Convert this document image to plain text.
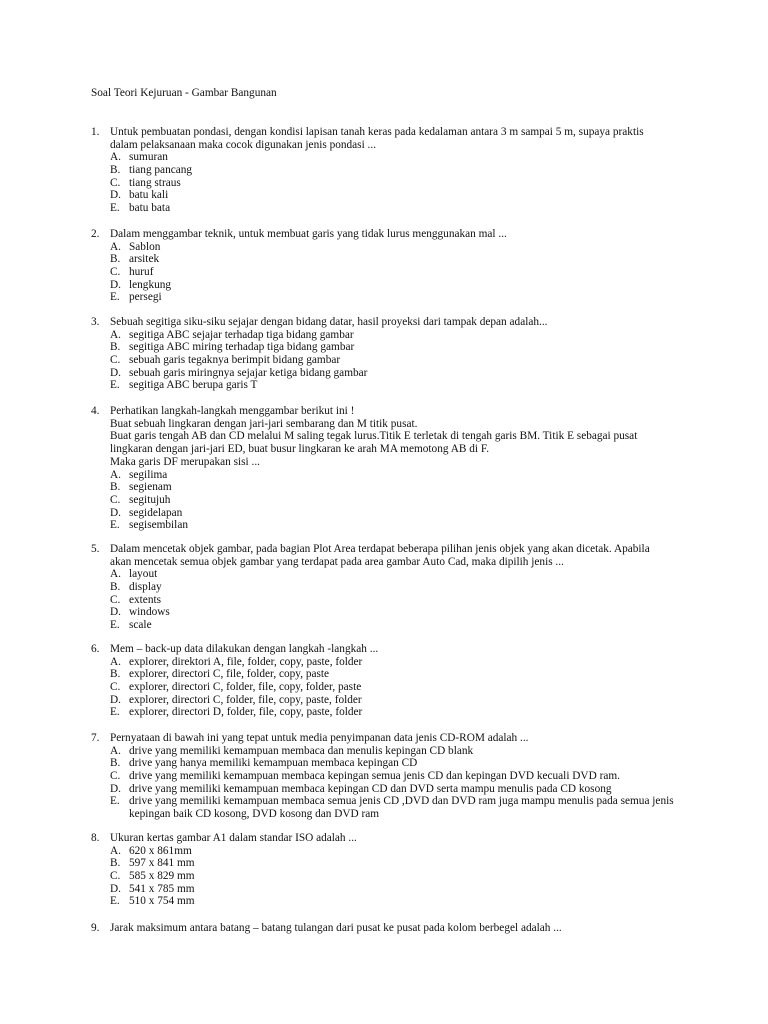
Soal Teori Kejuruan - Gambar Bangunan
1. Untuk pembuatan pondasi, dengan kondisi lapisan tanah keras pada kedalaman antara 3 m sampai 5 m, supaya praktis
dalam pelaksanaan maka cocok digunakan jenis pondasi ...
A. sumuran
B. tiang pancang
C. tiang straus
D. batu kali
E. batu bata
2. Dalam menggambar teknik, untuk membuat garis yang tidak lurus menggunakan mal ...
A. Sablon
B. arsitek
C. huruf
D. lengkung
E. persegi
3. Sebuah segitiga siku-siku sejajar dengan bidang datar, hasil proyeksi dari tampak depan adalah...
A. segitiga ABC sejajar terhadap tiga bidang gambar
B. segitiga ABC miring terhadap tiga bidang gambar
C. sebuah garis tegaknya berimpit bidang gambar
D. sebuah garis miringnya sejajar ketiga bidang gambar
E. segitiga ABC berupa garis T
4. Perhatikan langkah-langkah menggambar berikut ini !
Buat sebuah lingkaran dengan jari-jari sembarang dan M titik pusat.
Buat garis tengah AB dan CD melalui M saling tegak lurus.Titik E terletak di tengah garis BM. Titik E sebagai pusat
lingkaran dengan jari-jari ED, buat busur lingkaran ke arah MA memotong AB di F.
Maka garis DF merupakan sisi ...
A. segilima
B. segienam
C. segitujuh
D. segidelapan
E. segisembilan
5. Dalam mencetak objek gambar, pada bagian Plot Area terdapat beberapa pilihan jenis objek yang akan dicetak. Apabila
akan mencetak semua objek gambar yang terdapat pada area gambar Auto Cad, maka dipilih jenis ...
A. layout
B. display
C. extents
D. windows
E. scale
6. Mem – back-up data dilakukan dengan langkah -langkah ...
A. explorer, direktori A, file, folder, copy, paste, folder
B. explorer, directori C, file, folder, copy, paste
C. explorer, directori C, folder, file, copy, folder, paste
D. explorer, directori C, folder, file, copy, paste, folder
E. explorer, directori D, folder, file, copy, paste, folder
7. Pernyataan di bawah ini yang tepat untuk media penyimpanan data jenis CD-ROM adalah ...
A. drive yang memiliki kemampuan membaca dan menulis kepingan CD blank
B. drive yang hanya memiliki kemampuan membaca kepingan CD
C. drive yang memiliki kemampuan membaca kepingan semua jenis CD dan kepingan DVD kecuali DVD ram.
D. drive yang memiliki kemampuan membaca kepingan CD dan DVD serta mampu menulis pada CD kosong
E. drive yang memiliki kemampuan membaca semua jenis CD ,DVD dan DVD ram juga mampu menulis pada semua jenis kepingan baik CD kosong, DVD kosong dan DVD ram
8. Ukuran kertas gambar A1 dalam standar ISO adalah ...
A. 620 x 861mm
B. 597 x 841 mm
C. 585 x 829 mm
D. 541 x 785 mm
E. 510 x 754 mm
9. Jarak maksimum antara batang – batang tulangan dari pusat ke pusat pada kolom berbegel adalah ...
